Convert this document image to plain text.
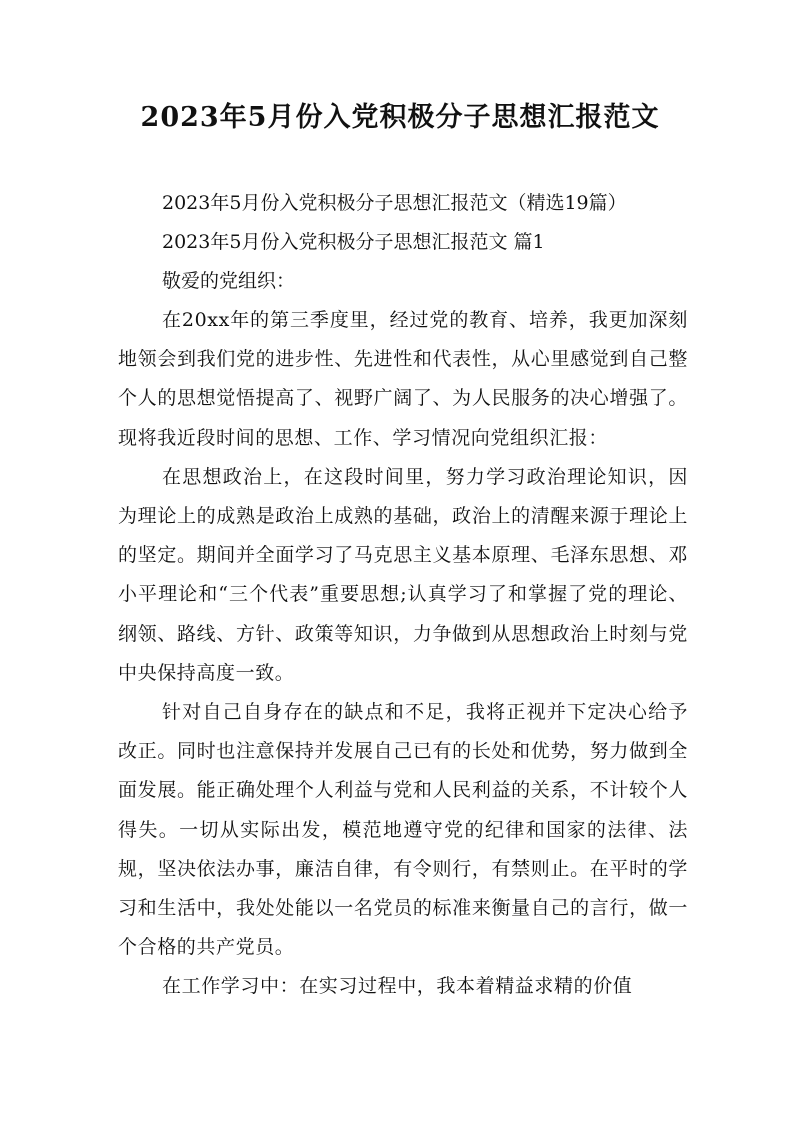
2023年5月份入党积极分子思想汇报范文

2023年5月份入党积极分子思想汇报范文（精选19篇）

2023年5月份入党积极分子思想汇报范文 篇1

敬爱的党组织：

在20xx年的第三季度里，经过党的教育、培养，我更加深刻地领会到我们党的进步性、先进性和代表性，从心里感觉到自己整个人的思想觉悟提高了、视野广阔了、为人民服务的决心增强了。现将我近段时间的思想、工作、学习情况向党组织汇报：

在思想政治上，在这段时间里，努力学习政治理论知识，因为理论上的成熟是政治上成熟的基础，政治上的清醒来源于理论上的坚定。期间并全面学习了马克思主义基本原理、毛泽东思想、邓小平理论和“三个代表”重要思想;认真学习了和掌握了党的理论、纲领、路线、方针、政策等知识，力争做到从思想政治上时刻与党中央保持高度一致。

针对自己自身存在的缺点和不足，我将正视并下定决心给予改正。同时也注意保持并发展自己已有的长处和优势，努力做到全面发展。能正确处理个人利益与党和人民利益的关系，不计较个人得失。一切从实际出发，模范地遵守党的纪律和国家的法律、法规，坚决依法办事，廉洁自律，有令则行，有禁则止。在平时的学习和生活中，我处处能以一名党员的标准来衡量自己的言行，做一个合格的共产党员。

在工作学习中：在实习过程中，我本着精益求精的价值
